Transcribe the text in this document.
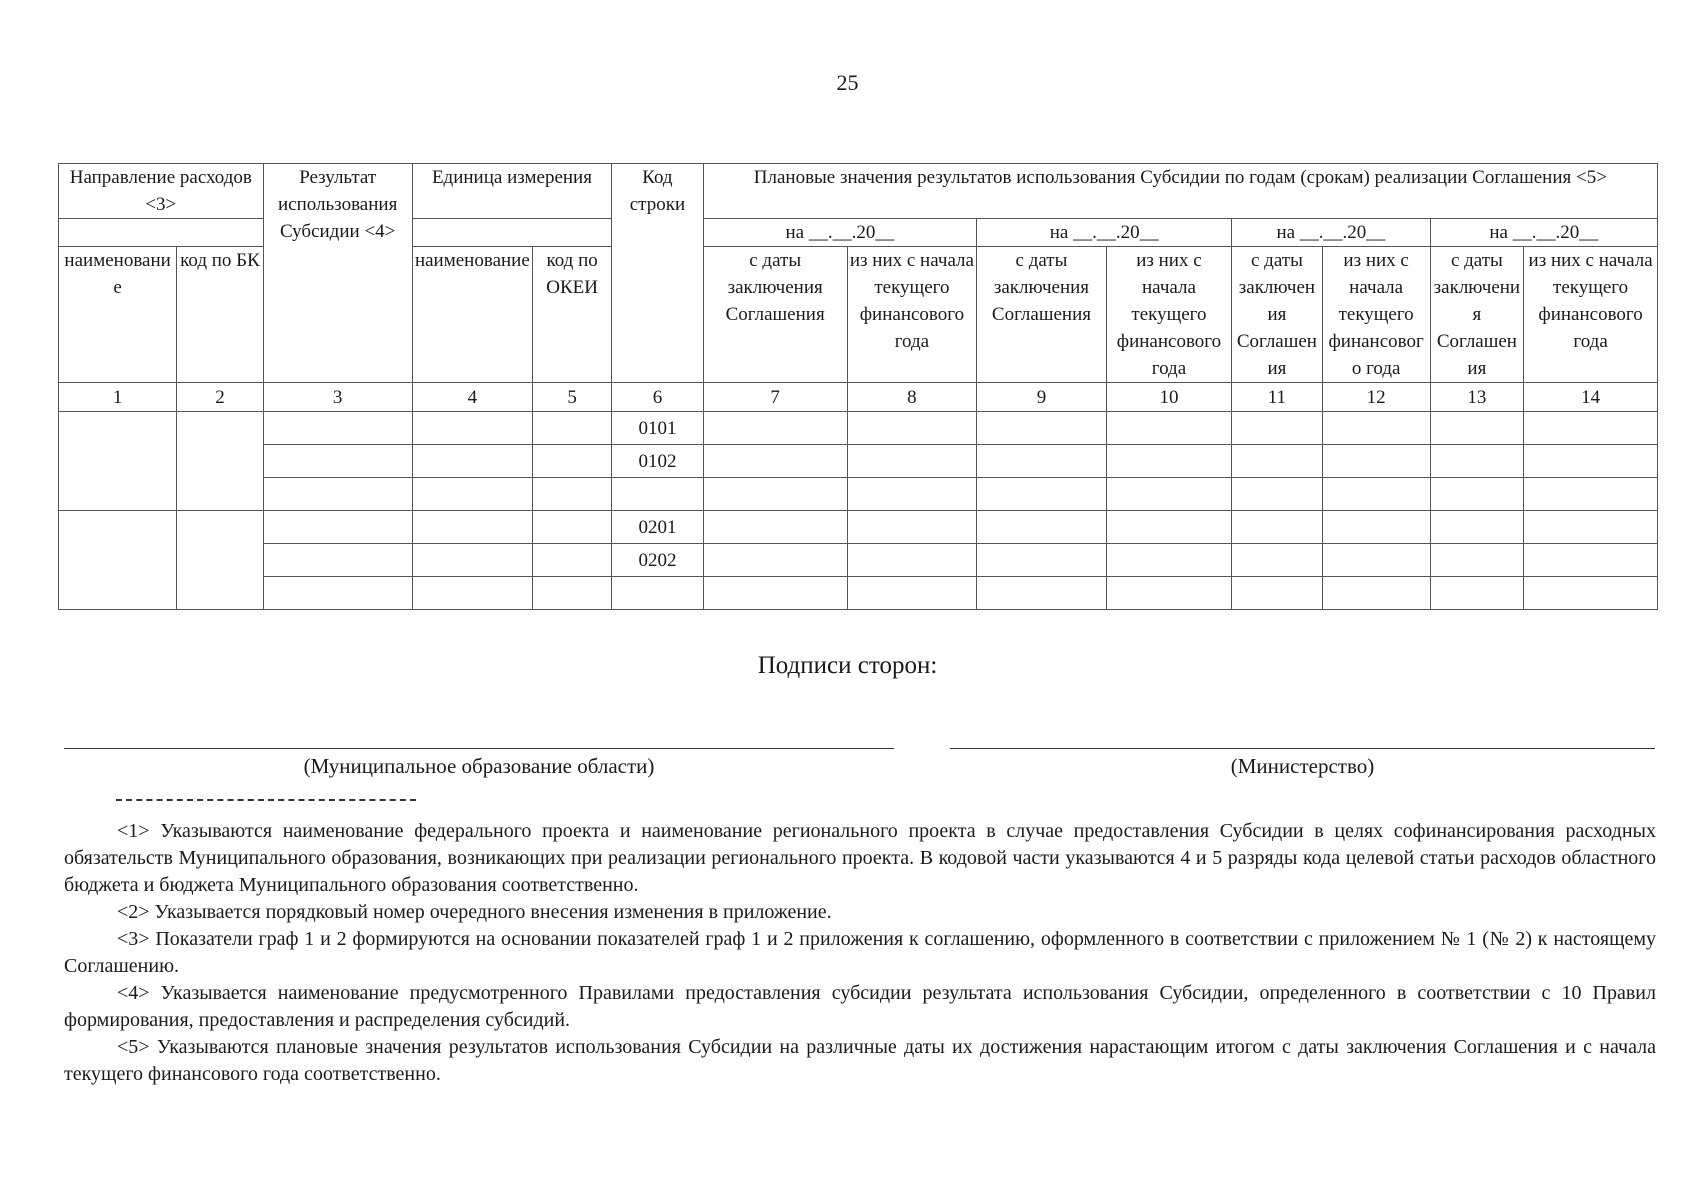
25
Направление расходов <3>		Результат использования Субсидии <4>	Единица измерения		Код строки	Плановые значения результатов использования Субсидии по годам (срокам) реализации Соглашения <5>							
						на __.__.20__		на __.__.20__		на __.__.20__		на __.__.20__	
наименование	код по БК		наименование	код по ОКЕИ		с даты заключения Соглашения	из них с начала текущего финансового года	с даты заключения Соглашения	из них с начала текущего финансового года	с даты заключения Соглашения	из них с начала текущего финансового года	с даты заключения Соглашения	из них с начала текущего финансового года
1	2	3	4	5	6	7	8	9	10	11	12	13	14
					0101								
					0102								

					0201								
					0202								

Подписи сторон:
(Муниципальное образование области)	(Министерство)

<1> Указываются наименование федерального проекта и наименование регионального проекта в случае предоставления Субсидии в целях софинансирования расходных обязательств Муниципального образования, возникающих при реализации регионального проекта. В кодовой части указываются 4 и 5 разряды кода целевой статьи расходов областного бюджета и бюджета Муниципального образования соответственно.

<2> Указывается порядковый номер очередного внесения изменения в приложение.

<3> Показатели граф 1 и 2 формируются на основании показателей граф 1 и 2 приложения к соглашению, оформленного в соответствии с приложением № 1 (№ 2) к настоящему Соглашению.

<4> Указывается наименование предусмотренного Правилами предоставления субсидии результата использования Субсидии, определенного в соответствии с 10 Правил формирования, предоставления и распределения субсидий.

<5> Указываются плановые значения результатов использования Субсидии на различные даты их достижения нарастающим итогом с даты заключения Соглашения и с начала текущего финансового года соответственно.
